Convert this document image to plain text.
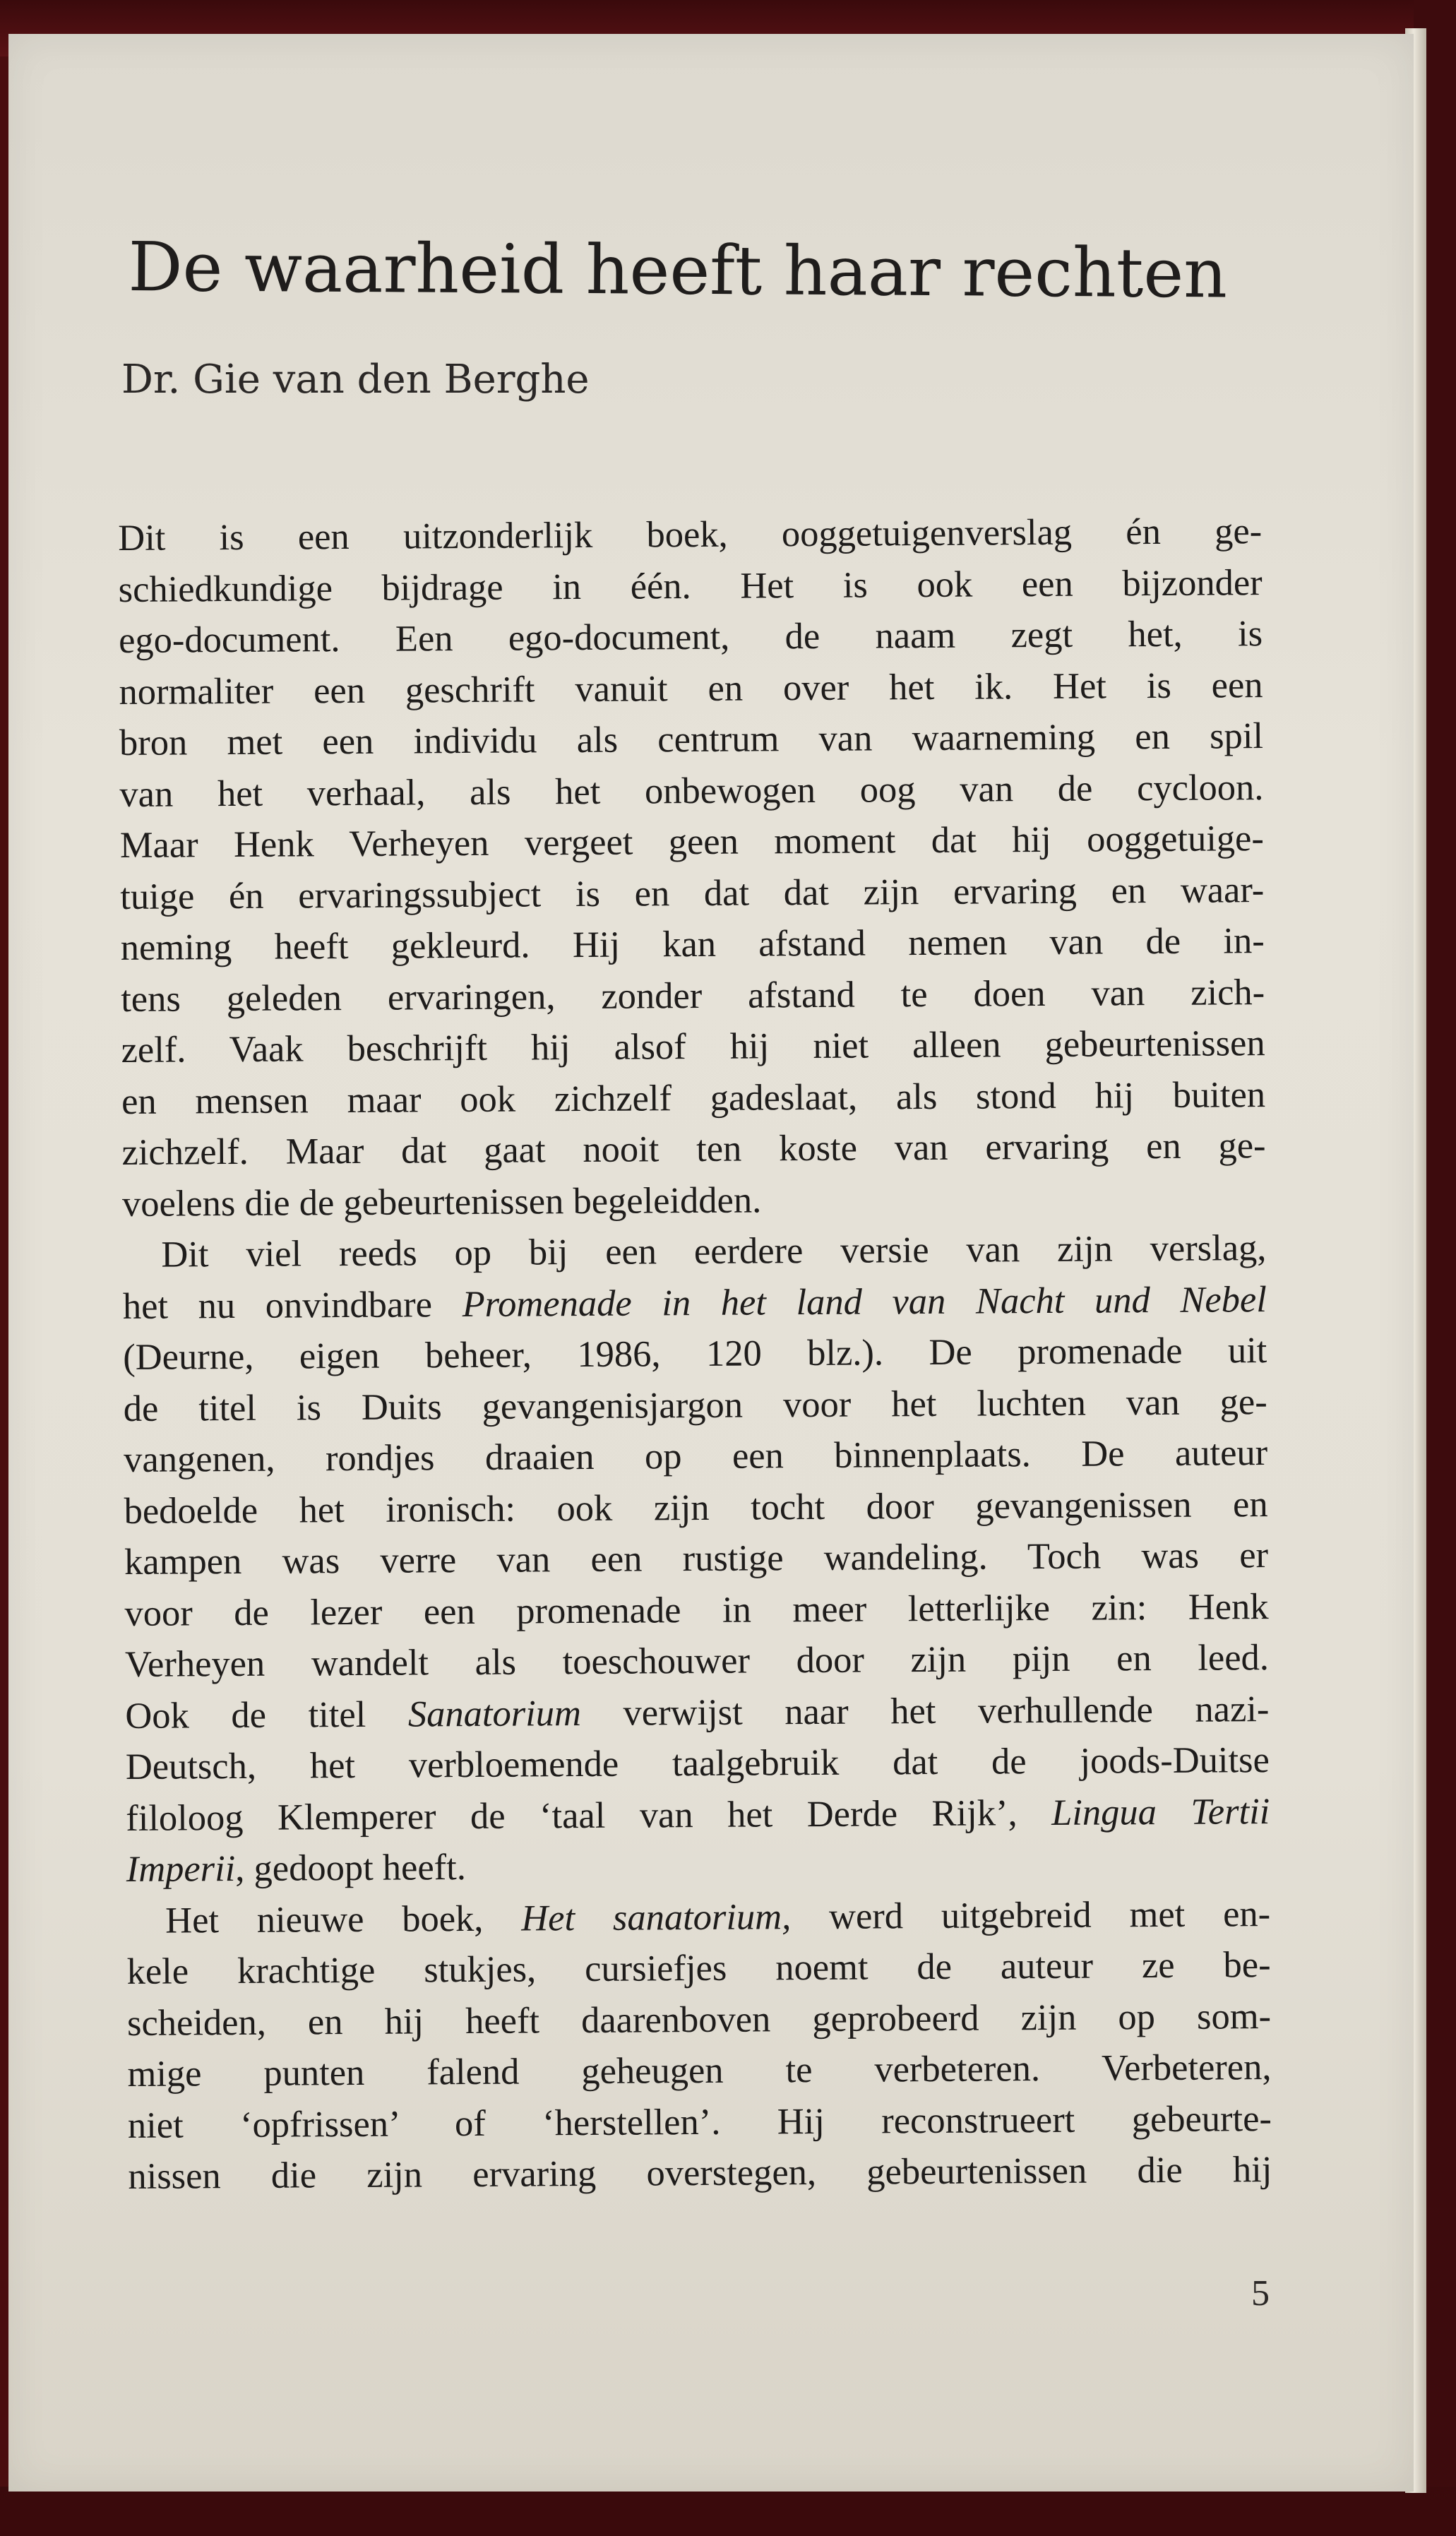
De waarheid heeft haar rechten
Dr. Gie van den Berghe
Dit is een uitzonderlijk boek, ooggetuigenverslag én ge-
schiedkundige bijdrage in één. Het is ook een bijzonder
ego-document. Een ego-document, de naam zegt het, is
normaliter een geschrift vanuit en over het ik. Het is een
bron met een individu als centrum van waarneming en spil
van het verhaal, als het onbewogen oog van de cycloon.
Maar Henk Verheyen vergeet geen moment dat hij ooggetuige-
tuige én ervaringssubject is en dat dat zijn ervaring en waar-
neming heeft gekleurd. Hij kan afstand nemen van de in-
tens geleden ervaringen, zonder afstand te doen van zich-
zelf. Vaak beschrijft hij alsof hij niet alleen gebeurtenissen
en mensen maar ook zichzelf gadeslaat, als stond hij buiten
zichzelf. Maar dat gaat nooit ten koste van ervaring en ge-
voelens die de gebeurtenissen begeleidden.
Dit viel reeds op bij een eerdere versie van zijn verslag,
het nu onvindbare Promenade in het land van Nacht und Nebel
(Deurne, eigen beheer, 1986, 120 blz.). De promenade uit
de titel is Duits gevangenisjargon voor het luchten van ge-
vangenen, rondjes draaien op een binnenplaats. De auteur
bedoelde het ironisch: ook zijn tocht door gevangenissen en
kampen was verre van een rustige wandeling. Toch was er
voor de lezer een promenade in meer letterlijke zin: Henk
Verheyen wandelt als toeschouwer door zijn pijn en leed.
Ook de titel Sanatorium verwijst naar het verhullende nazi-
Deutsch, het verbloemende taalgebruik dat de joods-Duitse
filoloog Klemperer de ‘taal van het Derde Rijk’, Lingua Tertii
Imperii, gedoopt heeft.
Het nieuwe boek, Het sanatorium, werd uitgebreid met en-
kele krachtige stukjes, cursiefjes noemt de auteur ze be-
scheiden, en hij heeft daarenboven geprobeerd zijn op som-
mige punten falend geheugen te verbeteren. Verbeteren,
niet ‘opfrissen’ of ‘herstellen’. Hij reconstrueert gebeurte-
nissen die zijn ervaring overstegen, gebeurtenissen die hij
5
